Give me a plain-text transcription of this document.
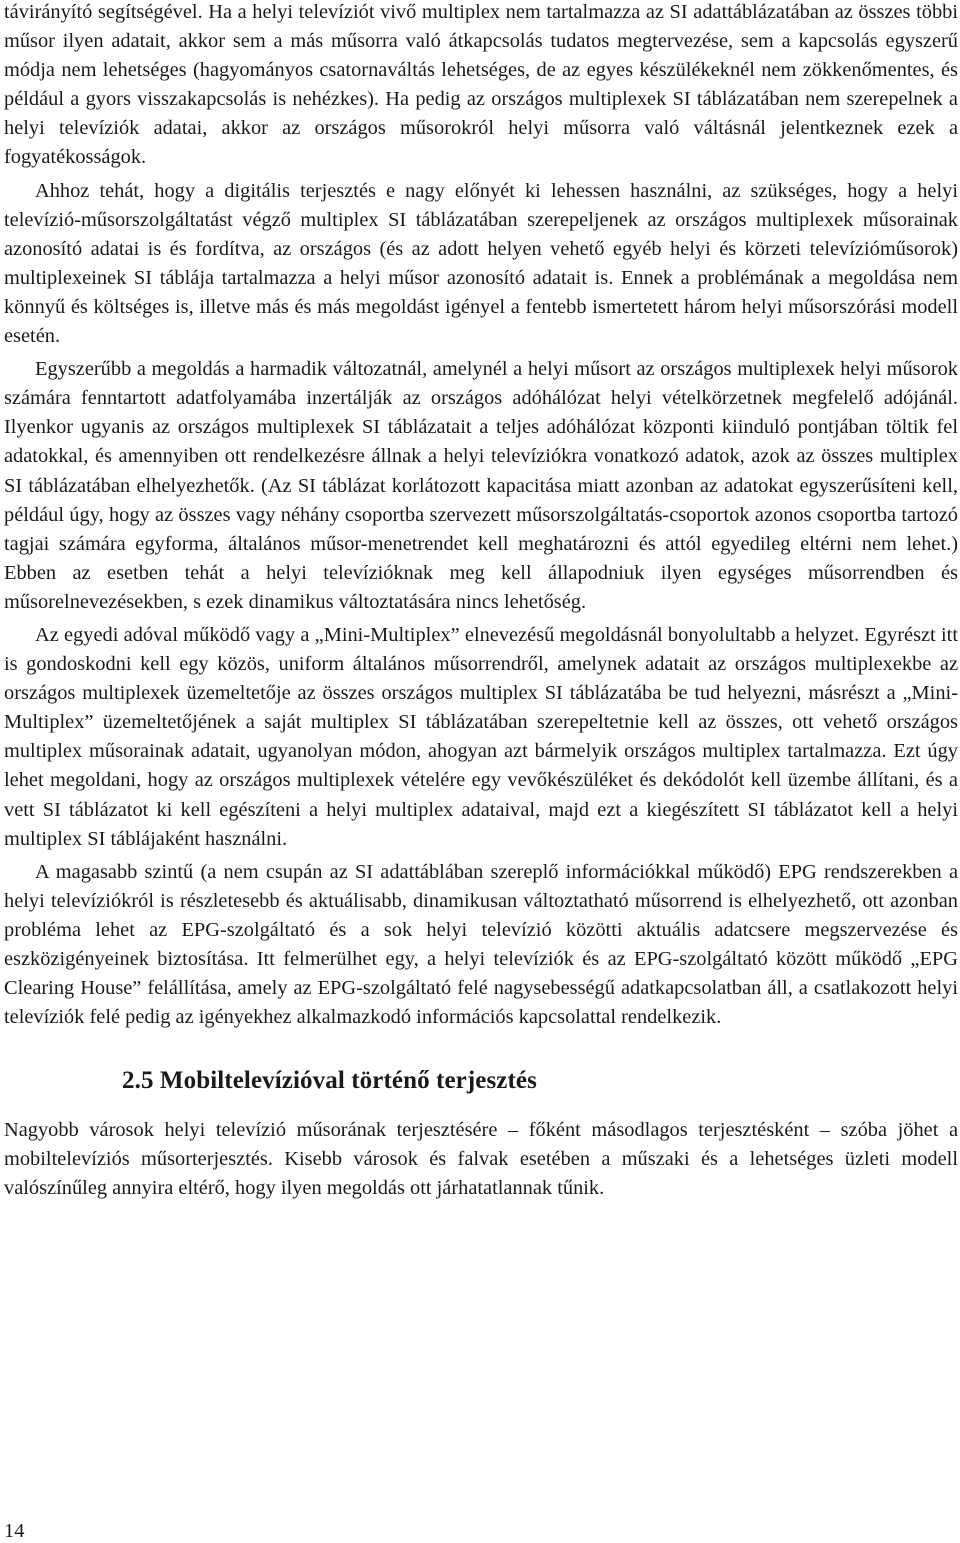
távirányító segítségével. Ha a helyi televíziót vivő multiplex nem tartalmazza az SI adattáblázatában az összes többi műsor ilyen adatait, akkor sem a más műsorra való átkapcsolás tudatos megtervezése, sem a kapcsolás egyszerű módja nem lehetséges (hagyományos csatornaváltás lehetséges, de az egyes készülékeknél nem zökkenőmentes, és például a gyors visszakapcsolás is nehézkes). Ha pedig az országos multiplexek SI táblázatában nem szerepelnek a helyi televíziók adatai, akkor az országos műsorokról helyi műsorra való váltásnál jelentkeznek ezek a fogyatékosságok.

Ahhoz tehát, hogy a digitális terjesztés e nagy előnyét ki lehessen használni, az szükséges, hogy a helyi televízió-műsorszolgáltatást végző multiplex SI táblázatában szerepeljenek az országos multiplexek műsorainak azonosító adatai is és fordítva, az országos (és az adott helyen vehető egyéb helyi és körzeti televízióműsorok) multiplexeinek SI táblája tartalmazza a helyi műsor azonosító adatait is. Ennek a problémának a megoldása nem könnyű és költséges is, illetve más és más megoldást igényel a fentebb ismertetett három helyi műsorszórási modell esetén.

Egyszerűbb a megoldás a harmadik változatnál, amelynél a helyi műsort az országos multiplexek helyi műsorok számára fenntartott adatfolyamába inzertálják az országos adóhálózat helyi vételkörzetnek megfelelő adójánál. Ilyenkor ugyanis az országos multiplexek SI táblázatait a teljes adóhálózat központi kiinduló pontjában töltik fel adatokkal, és amennyiben ott rendelkezésre állnak a helyi televíziókra vonatkozó adatok, azok az összes multiplex SI táblázatában elhelyezhetők. (Az SI táblázat korlátozott kapacitása miatt azonban az adatokat egyszerűsíteni kell, például úgy, hogy az összes vagy néhány csoportba szervezett műsorszolgáltatás-csoportok azonos csoportba tartozó tagjai számára egyforma, általános műsor-menetrendet kell meghatározni és attól egyedileg eltérni nem lehet.) Ebben az esetben tehát a helyi televízióknak meg kell állapodniuk ilyen egységes műsorrendben és műsorelnevezésekben, s ezek dinamikus változtatására nincs lehetőség.

Az egyedi adóval működő vagy a „Mini-Multiplex” elnevezésű megoldásnál bonyolultabb a helyzet. Egyrészt itt is gondoskodni kell egy közös, uniform általános műsorrendről, amelynek adatait az országos multiplexekbe az országos multiplexek üzemeltetője az összes országos multiplex SI táblázatába be tud helyezni, másrészt a „Mini-Multiplex” üzemeltetőjének a saját multiplex SI táblázatában szerepeltetnie kell az összes, ott vehető országos multiplex műsorainak adatait, ugyanolyan módon, ahogyan azt bármelyik országos multiplex tartalmazza. Ezt úgy lehet megoldani, hogy az országos multiplexek vételére egy vevőkészüléket és dekódolót kell üzembe állítani, és a vett SI táblázatot ki kell egészíteni a helyi multiplex adataival, majd ezt a kiegészített SI táblázatot kell a helyi multiplex SI táblájaként használni.

A magasabb szintű (a nem csupán az SI adattáblában szereplő információkkal működő) EPG rendszerekben a helyi televíziókról is részletesebb és aktuálisabb, dinamikusan változtatható műsorrend is elhelyezhető, ott azonban probléma lehet az EPG-szolgáltató és a sok helyi televízió közötti aktuális adatcsere megszervezése és eszközigényeinek biztosítása. Itt felmerülhet egy, a helyi televíziók és az EPG-szolgáltató között működő „EPG Clearing House” felállítása, amely az EPG-szolgáltató felé nagysebességű adatkapcsolatban áll, a csatlakozott helyi televíziók felé pedig az igényekhez alkalmazkodó információs kapcsolattal rendelkezik.

2.5 Mobiltelevízióval történő terjesztés

Nagyobb városok helyi televízió műsorának terjesztésére – főként másodlagos terjesztésként – szóba jöhet a mobiltelevíziós műsorterjesztés. Kisebb városok és falvak esetében a műszaki és a lehetséges üzleti modell valószínűleg annyira eltérő, hogy ilyen megoldás ott járhatatlannak tűnik.

14
